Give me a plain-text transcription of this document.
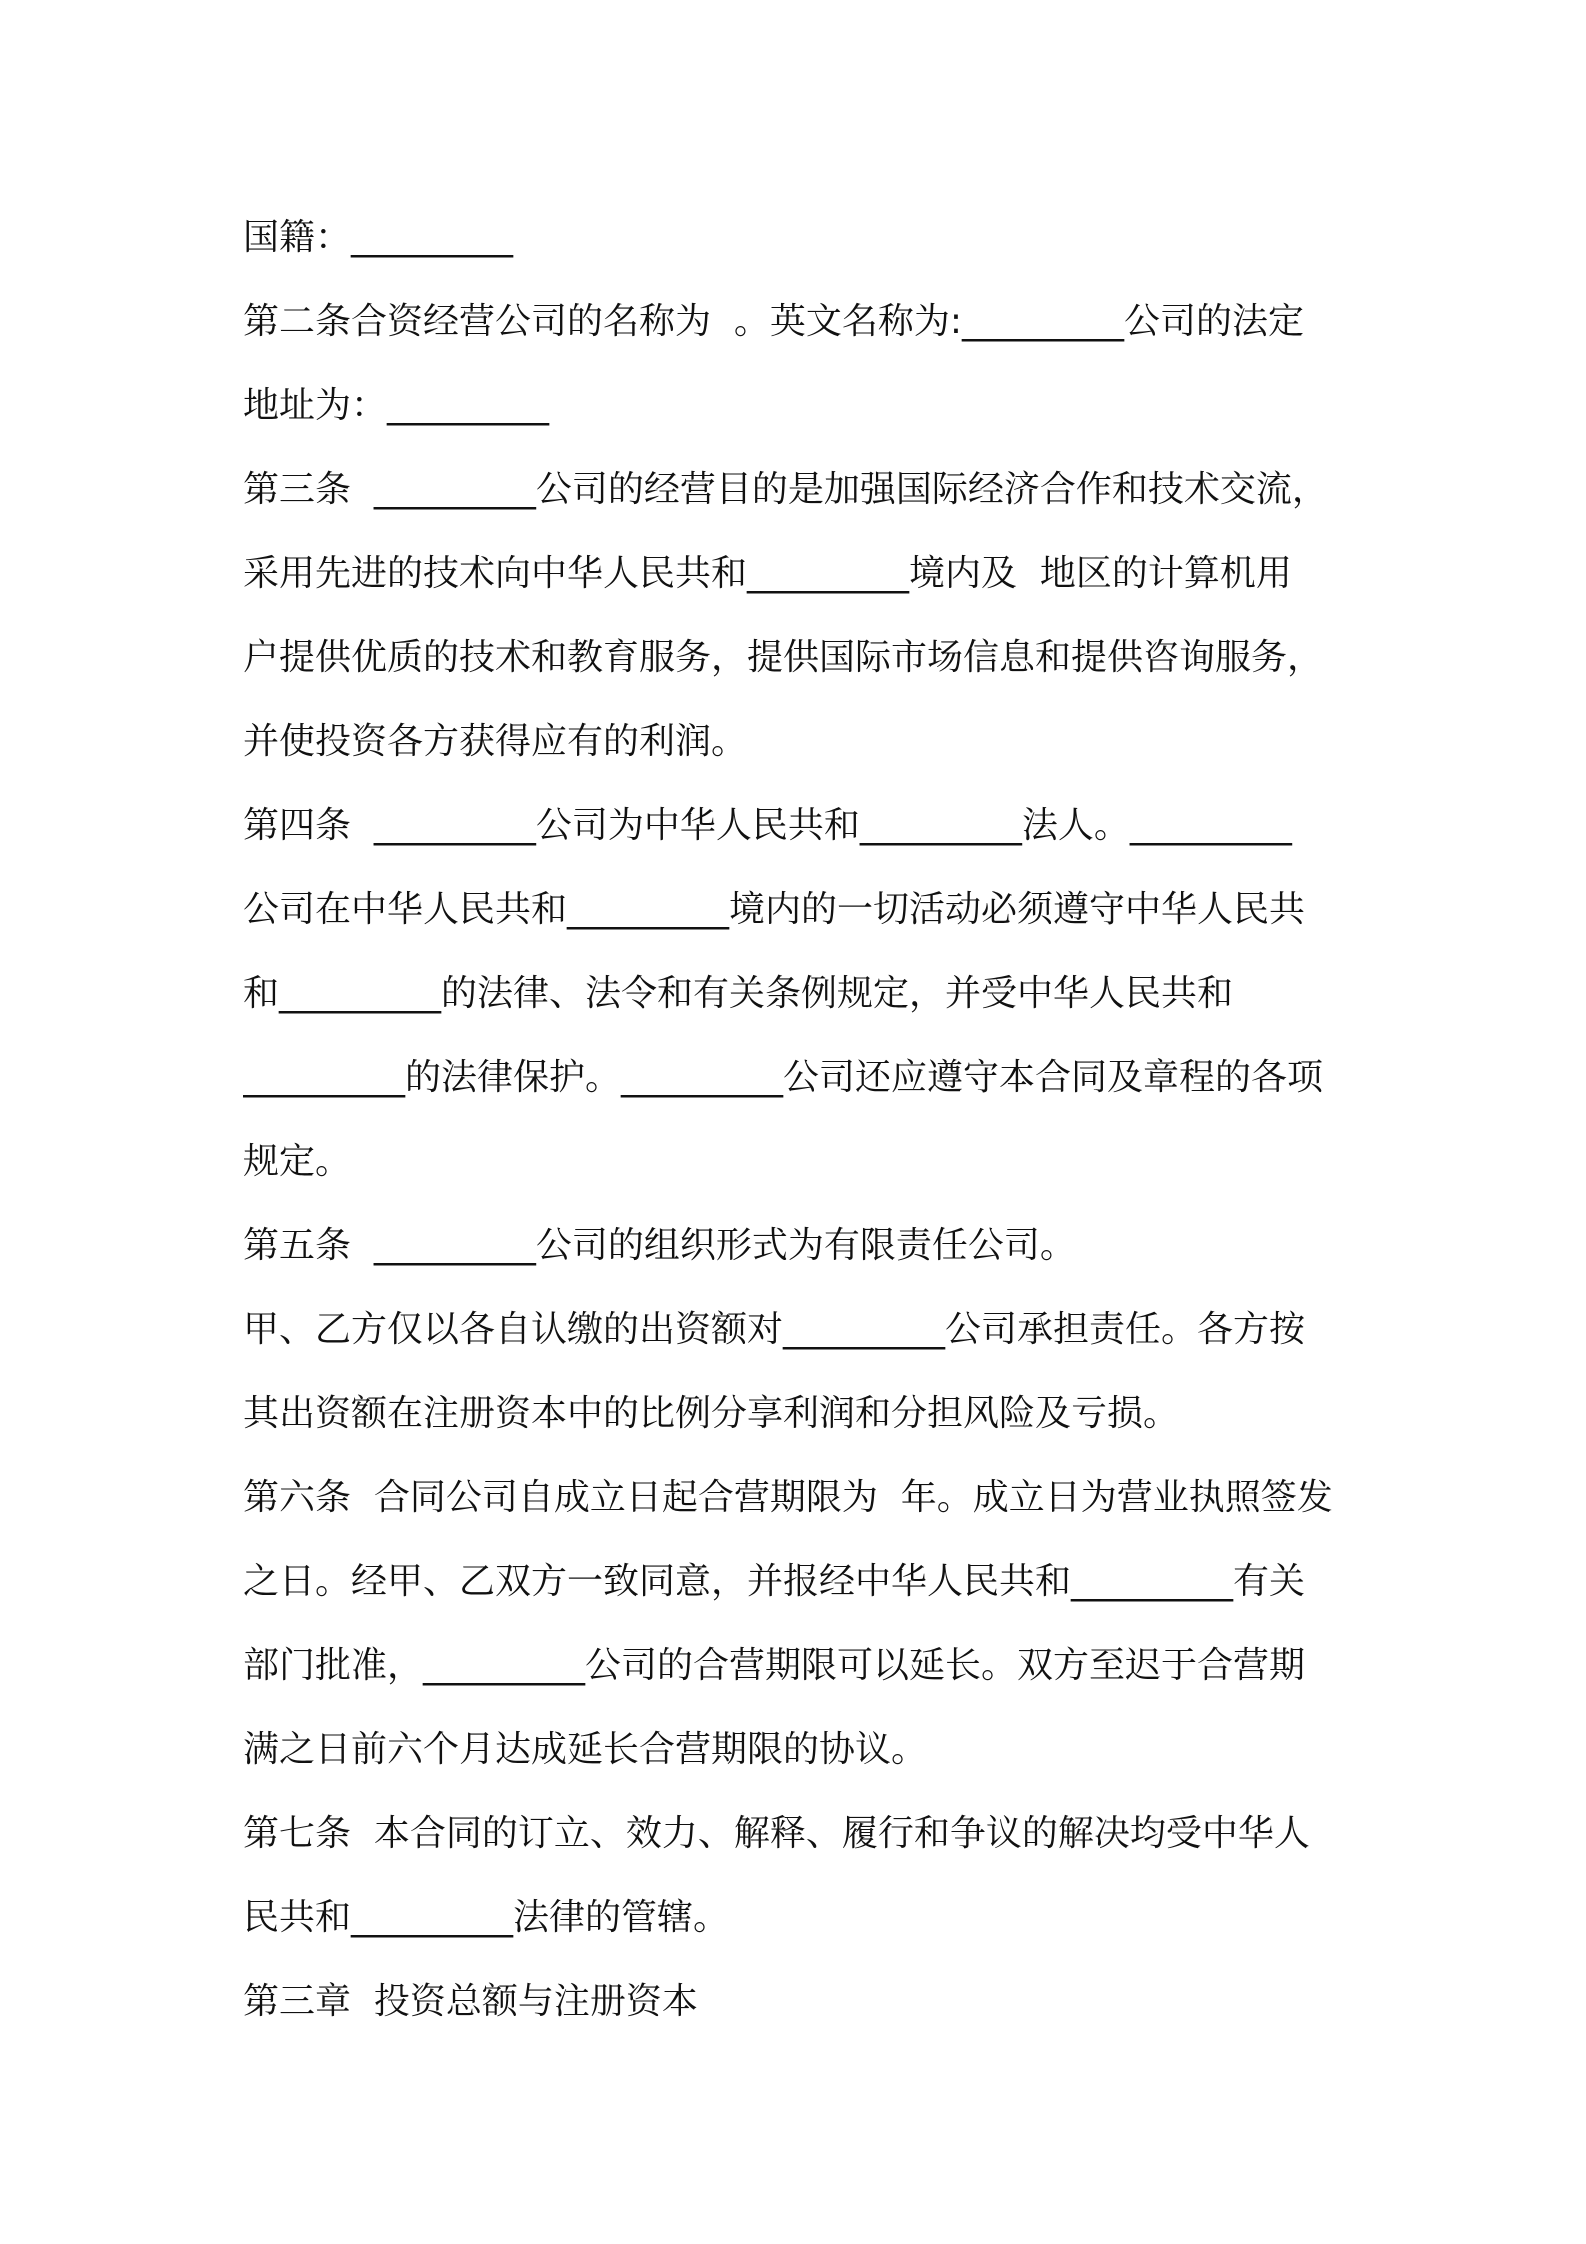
国籍：_________
第二条合资经营公司的名称为  。英文名称为:_________公司的法定
地址为：_________
第三条  _________公司的经营目的是加强国际经济合作和技术交流，
采用先进的技术向中华人民共和_________境内及  地区的计算机用
户提供优质的技术和教育服务，提供国际市场信息和提供咨询服务，
并使投资各方获得应有的利润。
第四条  _________公司为中华人民共和_________法人。_________
公司在中华人民共和_________境内的一切活动必须遵守中华人民共
和_________的法律、法令和有关条例规定，并受中华人民共和
_________的法律保护。_________公司还应遵守本合同及章程的各项
规定。
第五条  _________公司的组织形式为有限责任公司。
甲、乙方仅以各自认缴的出资额对_________公司承担责任。各方按
其出资额在注册资本中的比例分享利润和分担风险及亏损。
第六条  合同公司自成立日起合营期限为  年。成立日为营业执照签发
之日。经甲、乙双方一致同意，并报经中华人民共和_________有关
部门批准，_________公司的合营期限可以延长。双方至迟于合营期
满之日前六个月达成延长合营期限的协议。
第七条  本合同的订立、效力、解释、履行和争议的解决均受中华人
民共和_________法律的管辖。
第三章  投资总额与注册资本
